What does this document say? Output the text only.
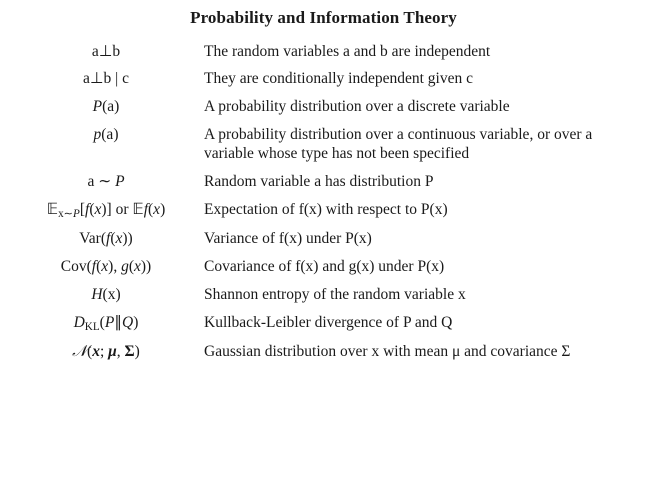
Probability and Information Theory
a⊥b	The random variables a and b are independent
a⊥b | c	They are conditionally independent given c
P(a)	A probability distribution over a discrete variable
p(a)	A probability distribution over a continuous variable, or over a variable whose type has not been specified
a ∼ P	Random variable a has distribution P
𝔼$_{x\sim P}$[f(x)] or 𝔼f(x)	Expectation of f(x) with respect to P(x)
Var(f(x))	Variance of f(x) under P(x)
Cov(f(x), g(x))	Covariance of f(x) and g(x) under P(x)
H(x)	Shannon entropy of the random variable x
$D_{KL}(P\parallel Q)$	Kullback-Leibler divergence of P and Q
𝒩(x; μ, Σ)	Gaussian distribution over x with mean μ and covariance Σ
